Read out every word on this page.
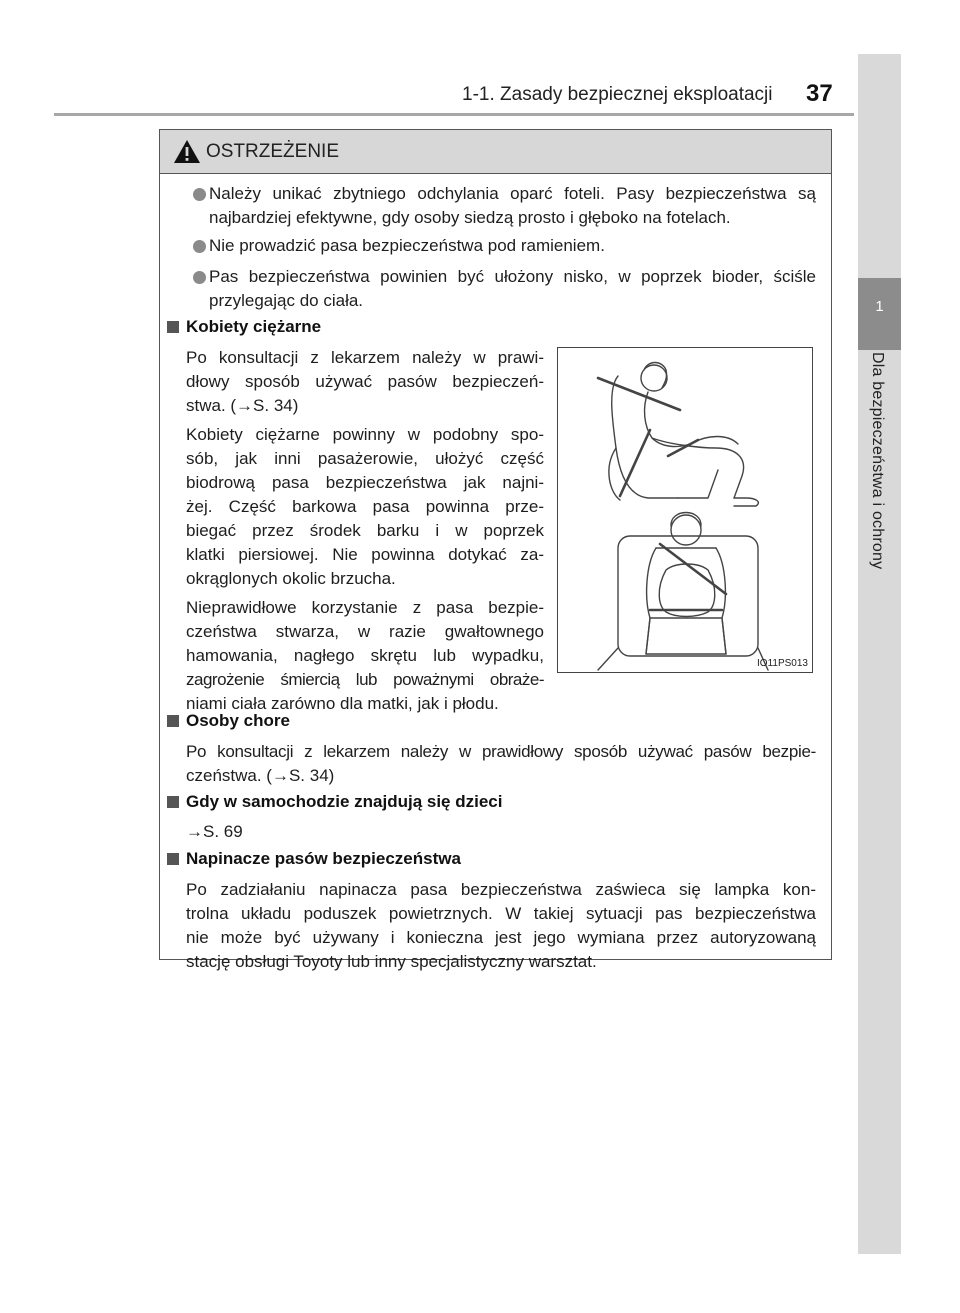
1-1. Zasady bezpiecznej eksploatacji 37
1
Dla bezpieczeństwa i ochrony
OSTRZEŻENIE
Należy unikać zbytniego odchylania oparć foteli. Pasy bezpieczeństwa są
najbardziej efektywne, gdy osoby siedzą prosto i głęboko na fotelach.
Nie prowadzić pasa bezpieczeństwa pod ramieniem.
Pas bezpieczeństwa powinien być ułożony nisko, w poprzek bioder, ściśle
przylegając do ciała.
Kobiety ciężarne
Po konsultacji z lekarzem należy w prawi-
dłowy sposób używać pasów bezpieczeń-
stwa. (→S. 34)
Kobiety ciężarne powinny w podobny spo-
sób, jak inni pasażerowie, ułożyć część
biodrową pasa bezpieczeństwa jak najni-
żej. Część barkowa pasa powinna prze-
biegać przez środek barku i w poprzek
klatki piersiowej. Nie powinna dotykać za-
okrąglonych okolic brzucha.
Nieprawidłowe korzystanie z pasa bezpie-
czeństwa stwarza, w razie gwałtownego
hamowania, nagłego skrętu lub wypadku,
zagrożenie śmiercią lub poważnymi obraże-
niami ciała zarówno dla matki, jak i płodu.
IO11PS013
Osoby chore
Po konsultacji z lekarzem należy w prawidłowy sposób używać pasów bezpie-
czeństwa. (→S. 34)
Gdy w samochodzie znajdują się dzieci
→S. 69
Napinacze pasów bezpieczeństwa
Po zadziałaniu napinacza pasa bezpieczeństwa zaświeca się lampka kon-
trolna układu poduszek powietrznych. W takiej sytuacji pas bezpieczeństwa
nie może być używany i konieczna jest jego wymiana przez autoryzowaną
stację obsługi Toyoty lub inny specjalistyczny warsztat.
